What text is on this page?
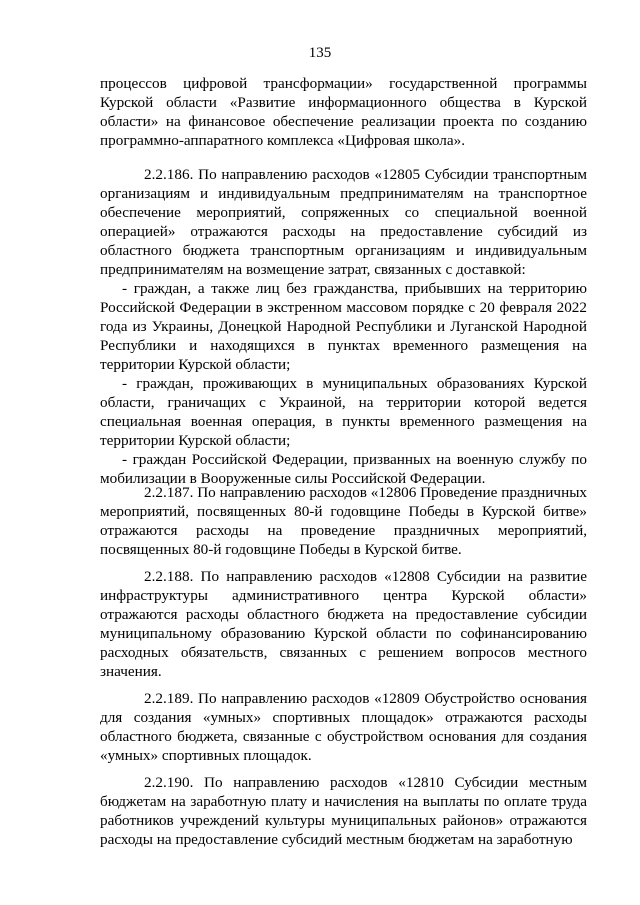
135

процессов цифровой трансформации» государственной программы Курской области «Развитие информационного общества в Курской области» на финансовое обеспечение реализации проекта по созданию программно-аппаратного комплекса «Цифровая школа».

2.2.186. По направлению расходов «12805 Субсидии транспортным организациям и индивидуальным предпринимателям на транспортное обеспечение мероприятий, сопряженных со специальной военной операцией» отражаются расходы на предоставление субсидий из областного бюджета транспортным организациям и индивидуальным предпринимателям на возмещение затрат, связанных с доставкой:

- граждан, а также лиц без гражданства, прибывших на территорию Российской Федерации в экстренном массовом порядке с 20 февраля 2022 года из Украины, Донецкой Народной Республики и Луганской Народной Республики и находящихся в пунктах временного размещения на территории Курской области;

- граждан, проживающих в муниципальных образованиях Курской области, граничащих с Украиной, на территории которой ведется специальная военная операция, в пункты временного размещения на территории Курской области;

- граждан Российской Федерации, призванных на военную службу по мобилизации в Вооруженные силы Российской Федерации.

2.2.187. По направлению расходов «12806 Проведение праздничных мероприятий, посвященных 80-й годовщине Победы в Курской битве» отражаются расходы на проведение праздничных мероприятий, посвященных 80-й годовщине Победы в Курской битве.

2.2.188. По направлению расходов «12808 Субсидии на развитие инфраструктуры административного центра Курской области» отражаются расходы областного бюджета на предоставление субсидии муниципальному образованию Курской области по софинансированию расходных обязательств, связанных с решением вопросов местного значения.

2.2.189. По направлению расходов «12809 Обустройство основания для создания «умных» спортивных площадок» отражаются расходы областного бюджета, связанные с обустройством основания для создания «умных» спортивных площадок.

2.2.190. По направлению расходов «12810 Субсидии местным бюджетам на заработную плату и начисления на выплаты по оплате труда работников учреждений культуры муниципальных районов» отражаются расходы на предоставление субсидий местным бюджетам на заработную
